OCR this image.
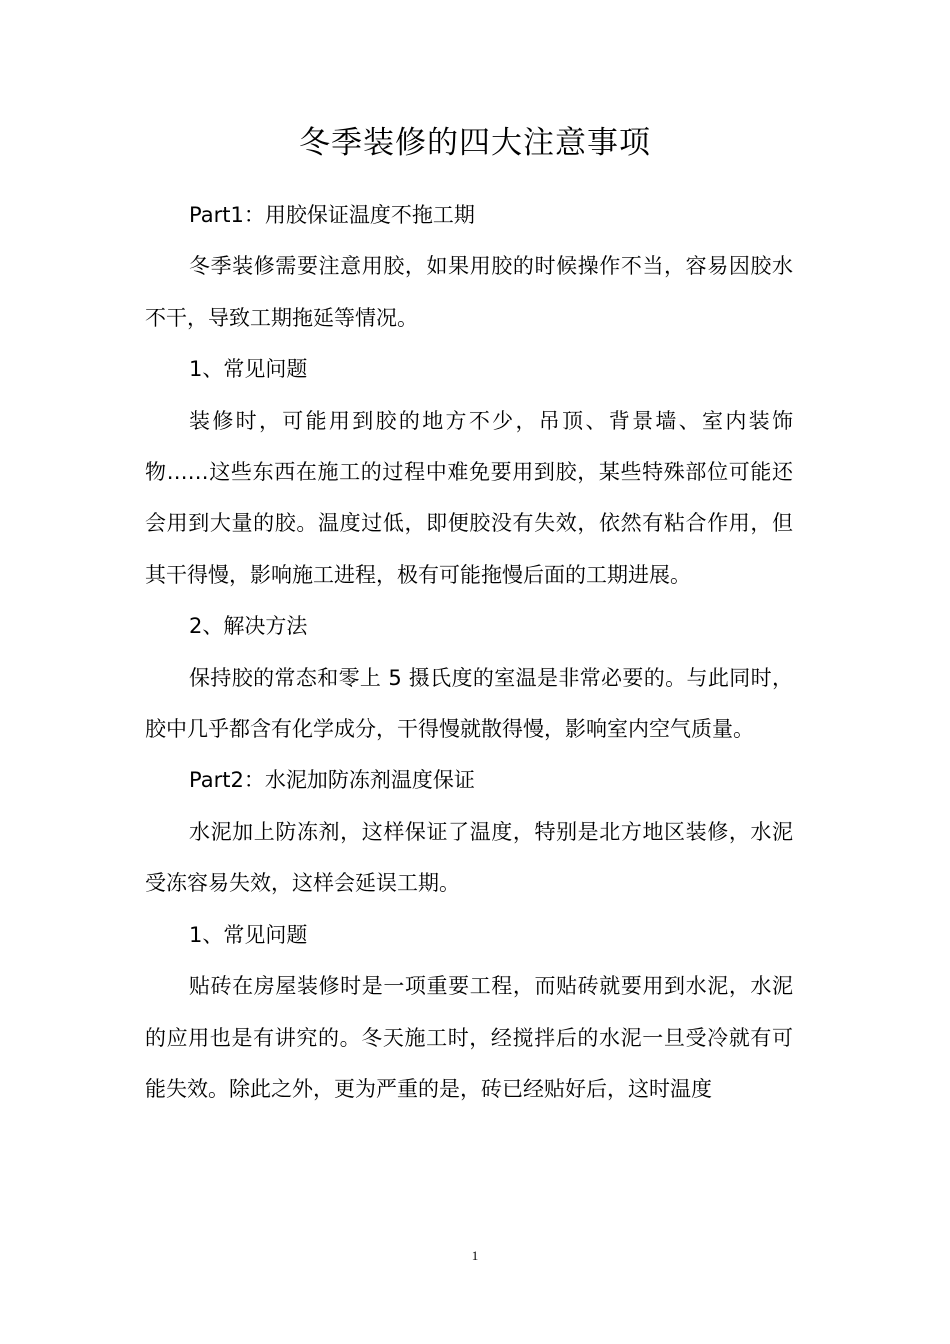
冬季装修的四大注意事项

Part1：用胶保证温度不拖工期

冬季装修需要注意用胶，如果用胶的时候操作不当，容易因胶水不干，导致工期拖延等情况。

1、常见问题

装修时，可能用到胶的地方不少，吊顶、背景墙、室内装饰物……这些东西在施工的过程中难免要用到胶，某些特殊部位可能还会用到大量的胶。温度过低，即便胶没有失效，依然有粘合作用，但其干得慢，影响施工进程，极有可能拖慢后面的工期进展。

2、解决方法

保持胶的常态和零上 5 摄氏度的室温是非常必要的。与此同时，胶中几乎都含有化学成分，干得慢就散得慢，影响室内空气质量。

Part2：水泥加防冻剂温度保证

水泥加上防冻剂，这样保证了温度，特别是北方地区装修，水泥受冻容易失效，这样会延误工期。

1、常见问题

贴砖在房屋装修时是一项重要工程，而贴砖就要用到水泥，水泥的应用也是有讲究的。冬天施工时，经搅拌后的水泥一旦受冷就有可能失效。除此之外，更为严重的是，砖已经贴好后，这时温度

1
